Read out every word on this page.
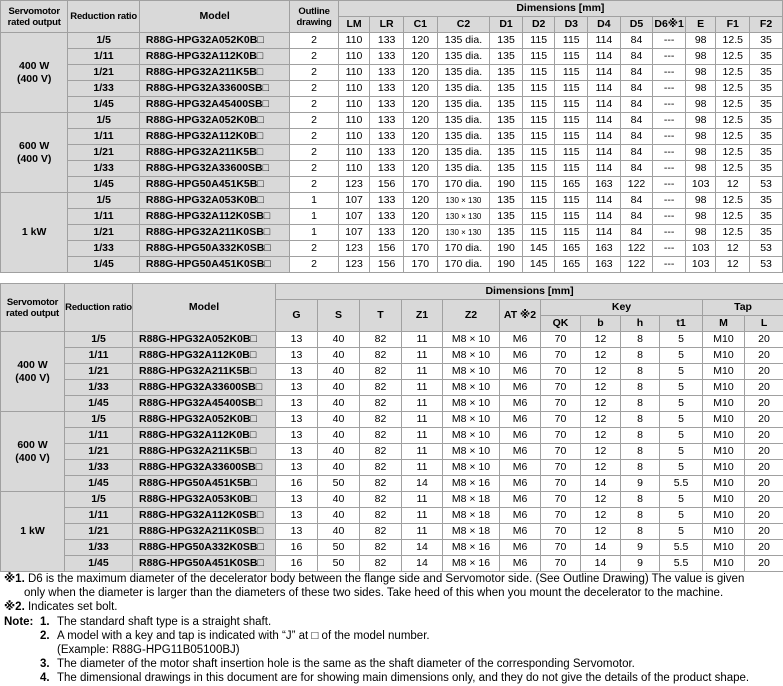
Servomotor rated output	Reduction ratio	Model	Outline drawing	Dimensions [mm]												
				LM	LR	C1	C2	D1	D2	D3	D4	D5	D6※1	E	F1	F2

400 W
(400 V)	1/5	R88G-HPG32A052K0B□	2	110	133	120	135 dia.	135	115	115	114	84	---	98	12.5	35
	1/11	R88G-HPG32A112K0B□	2	110	133	120	135 dia.	135	115	115	114	84	---	98	12.5	35
	1/21	R88G-HPG32A211K5B□	2	110	133	120	135 dia.	135	115	115	114	84	---	98	12.5	35
	1/33	R88G-HPG32A33600SB□	2	110	133	120	135 dia.	135	115	115	114	84	---	98	12.5	35
	1/45	R88G-HPG32A45400SB□	2	110	133	120	135 dia.	135	115	115	114	84	---	98	12.5	35

600 W
(400 V)	1/5	R88G-HPG32A052K0B□	2	110	133	120	135 dia.	135	115	115	114	84	---	98	12.5	35
	1/11	R88G-HPG32A112K0B□	2	110	133	120	135 dia.	135	115	115	114	84	---	98	12.5	35
	1/21	R88G-HPG32A211K5B□	2	110	133	120	135 dia.	135	115	115	114	84	---	98	12.5	35
	1/33	R88G-HPG32A33600SB□	2	110	133	120	135 dia.	135	115	115	114	84	---	98	12.5	35
	1/45	R88G-HPG50A451K5B□	2	123	156	170	170 dia.	190	115	165	163	122	---	103	12	53

1 kW	1/5	R88G-HPG32A053K0B□	1	107	133	120	130 × 130	135	115	115	114	84	---	98	12.5	35
	1/11	R88G-HPG32A112K0SB□	1	107	133	120	130 × 130	135	115	115	114	84	---	98	12.5	35
	1/21	R88G-HPG32A211K0SB□	1	107	133	120	130 × 130	135	115	115	114	84	---	98	12.5	35
	1/33	R88G-HPG50A332K0SB□	2	123	156	170	170 dia.	190	145	165	163	122	---	103	12	53
	1/45	R88G-HPG50A451K0SB□	2	123	156	170	170 dia.	190	145	165	163	122	---	103	12	53
Servomotor rated output	Reduction ratio	Model	Dimensions [mm]											
			G	S	T	Z1	Z2	AT ※2	Key				Tap	
									QK	b	h	t1	M	L

400 W
(400 V)	1/5	R88G-HPG32A052K0B□	13	40	82	11	M8 × 10	M6	70	12	8	5	M10	20
	1/11	R88G-HPG32A112K0B□	13	40	82	11	M8 × 10	M6	70	12	8	5	M10	20
	1/21	R88G-HPG32A211K5B□	13	40	82	11	M8 × 10	M6	70	12	8	5	M10	20
	1/33	R88G-HPG32A33600SB□	13	40	82	11	M8 × 10	M6	70	12	8	5	M10	20
	1/45	R88G-HPG32A45400SB□	13	40	82	11	M8 × 10	M6	70	12	8	5	M10	20

600 W
(400 V)	1/5	R88G-HPG32A052K0B□	13	40	82	11	M8 × 10	M6	70	12	8	5	M10	20
	1/11	R88G-HPG32A112K0B□	13	40	82	11	M8 × 10	M6	70	12	8	5	M10	20
	1/21	R88G-HPG32A211K5B□	13	40	82	11	M8 × 10	M6	70	12	8	5	M10	20
	1/33	R88G-HPG32A33600SB□	13	40	82	11	M8 × 10	M6	70	12	8	5	M10	20
	1/45	R88G-HPG50A451K5B□	16	50	82	14	M8 × 16	M6	70	14	9	5.5	M10	20

1 kW	1/5	R88G-HPG32A053K0B□	13	40	82	11	M8 × 18	M6	70	12	8	5	M10	20
	1/11	R88G-HPG32A112K0SB□	13	40	82	11	M8 × 18	M6	70	12	8	5	M10	20
	1/21	R88G-HPG32A211K0SB□	13	40	82	11	M8 × 18	M6	70	12	8	5	M10	20
	1/33	R88G-HPG50A332K0SB□	16	50	82	14	M8 × 16	M6	70	14	9	5.5	M10	20
	1/45	R88G-HPG50A451K0SB□	16	50	82	14	M8 × 16	M6	70	14	9	5.5	M10	20
※1. D6 is the maximum diameter of the decelerator body between the flange side and Servomotor side. (See Outline Drawing) The value is given
only when the diameter is larger than the diameters of these two sides. Take heed of this when you mount the decelerator to the machine.
※2. Indicates set bolt.
Note: 1. The standard shaft type is a straight shaft.
2. A model with a key and tap is indicated with “J” at □ of the model number.
(Example: R88G-HPG11B05100BJ)
3. The diameter of the motor shaft insertion hole is the same as the shaft diameter of the corresponding Servomotor.
4. The dimensional drawings in this document are for showing main dimensions only, and they do not give the details of the product shape.
